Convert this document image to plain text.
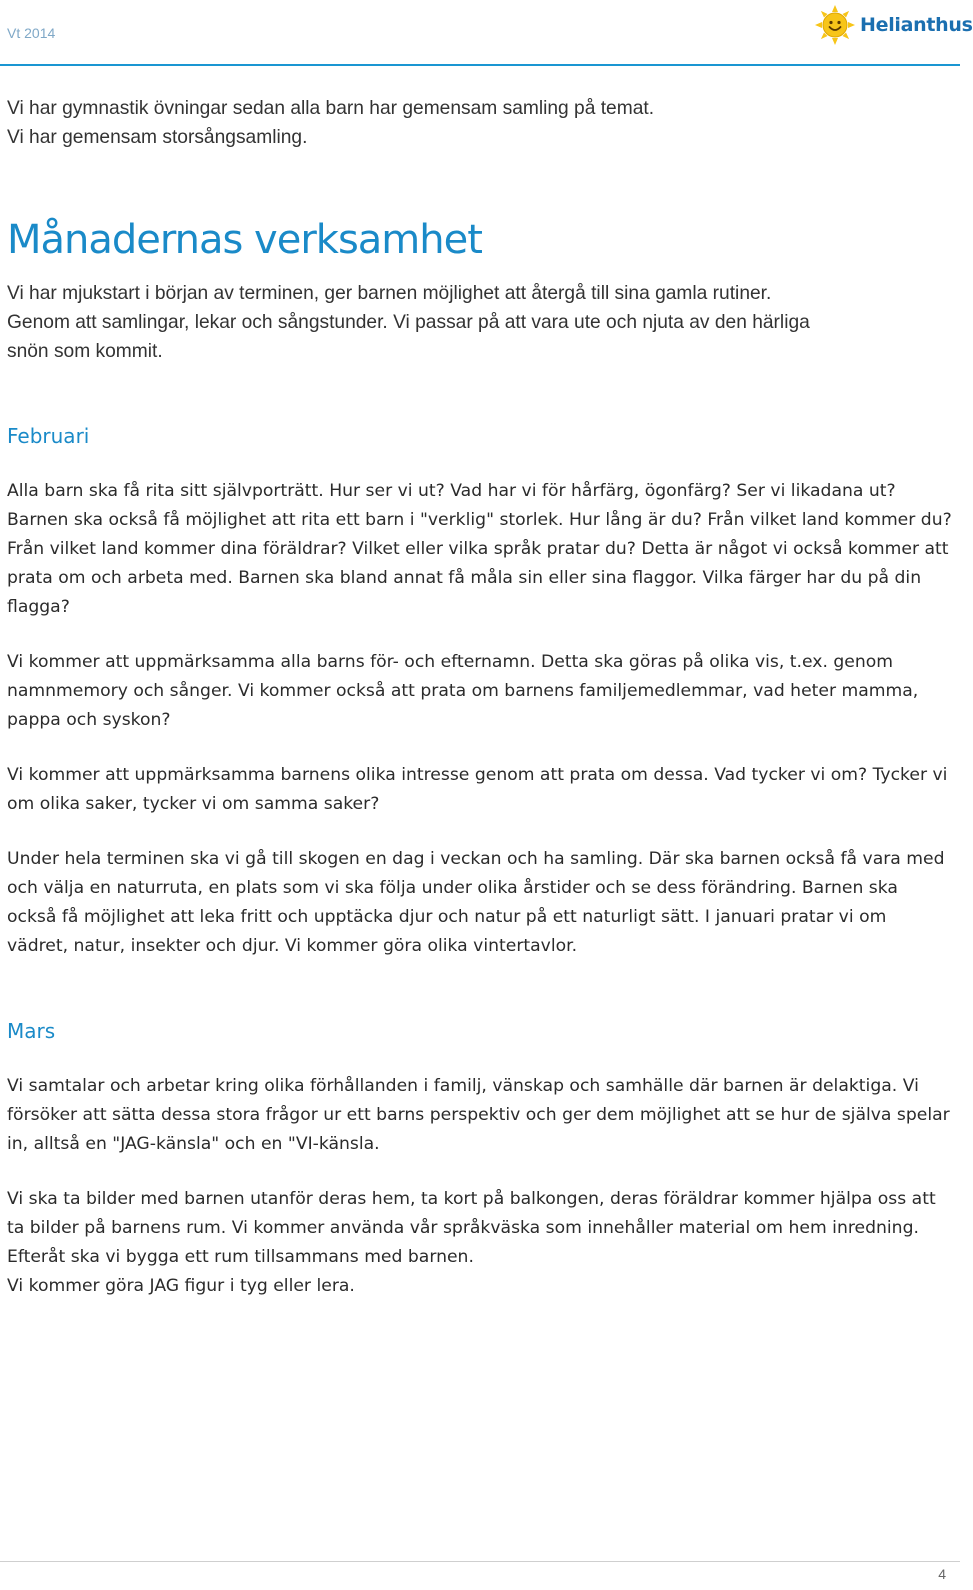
Vt 2014	Helianthus

Vi har gymnastik övningar sedan alla barn har gemensam samling på temat.

Vi har gemensam storsångsamling.

Månadernas verksamhet

Vi har mjukstart i början av terminen, ger barnen möjlighet att återgå till sina gamla rutiner.

Genom att samlingar, lekar och sångstunder. Vi passar på att vara ute och njuta av den härliga

snön som kommit.

Februari

Alla barn ska få rita sitt självporträtt. Hur ser vi ut? Vad har vi för hårfärg, ögonfärg? Ser vi likadana ut? Barnen ska också få möjlighet att rita ett barn i "verklig" storlek. Hur lång är du? Från vilket land kommer du? Från vilket land kommer dina föräldrar? Vilket eller vilka språk pratar du? Detta är något vi också kommer att prata om och arbeta med. Barnen ska bland annat få måla sin eller sina flaggor. Vilka färger har du på din flagga?

Vi kommer att uppmärksamma alla barns för- och efternamn. Detta ska göras på olika vis, t.ex. genom namnmemory och sånger. Vi kommer också att prata om barnens familjemedlemmar, vad heter mamma, pappa och syskon?

Vi kommer att uppmärksamma barnens olika intresse genom att prata om dessa. Vad tycker vi om? Tycker vi om olika saker, tycker vi om samma saker?

Under hela terminen ska vi gå till skogen en dag i veckan och ha samling. Där ska barnen också få vara med och välja en naturruta, en plats som vi ska följa under olika årstider och se dess förändring. Barnen ska också få möjlighet att leka fritt och upptäcka djur och natur på ett naturligt sätt. I januari pratar vi om vädret, natur, insekter och djur. Vi kommer göra olika vintertavlor.

Mars

Vi samtalar och arbetar kring olika förhållanden i familj, vänskap och samhälle där barnen är delaktiga. Vi försöker att sätta dessa stora frågor ur ett barns perspektiv och ger dem möjlighet att se hur de själva spelar in, alltså en "JAG-känsla" och en "VI-känsla.

Vi ska ta bilder med barnen utanför deras hem, ta kort på balkongen, deras föräldrar kommer hjälpa oss att ta bilder på barnens rum. Vi kommer använda vår språkväska som innehåller material om hem inredning. Efteråt ska vi bygga ett rum tillsammans med barnen.

Vi kommer göra JAG figur i tyg eller lera.

4
